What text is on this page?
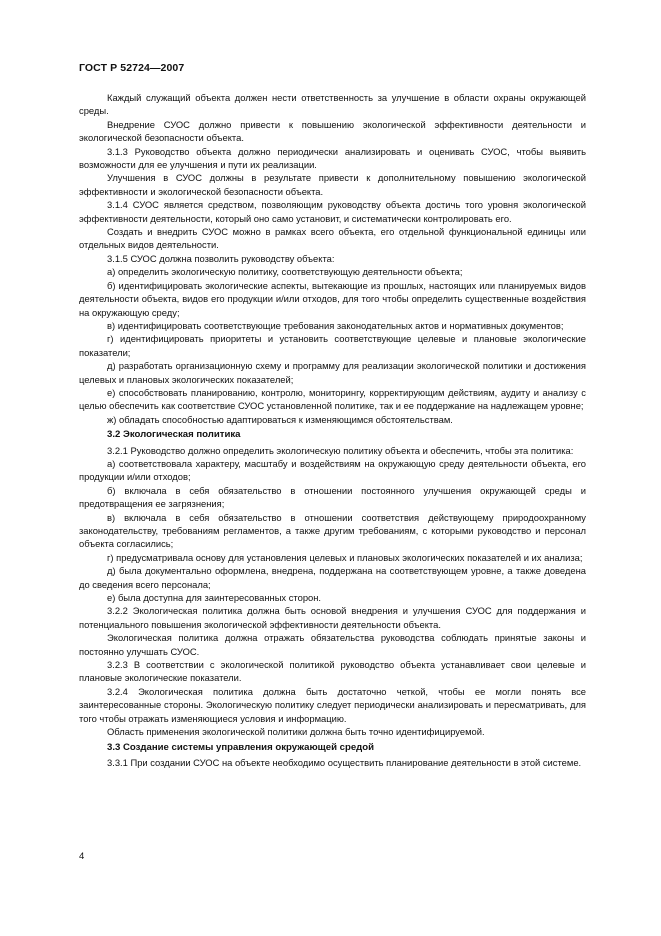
ГОСТ Р 52724—2007

Каждый служащий объекта должен нести ответственность за улучшение в области охраны окружающей среды.

Внедрение СУОС должно привести к повышению экологической эффективности деятельности и экологической безопасности объекта.

3.1.3 Руководство объекта должно периодически анализировать и оценивать СУОС, чтобы выявить возможности для ее улучшения и пути их реализации.

Улучшения в СУОС должны в результате привести к дополнительному повышению экологической эффективности и экологической безопасности объекта.

3.1.4 СУОС является средством, позволяющим руководству объекта достичь того уровня экологической эффективности деятельности, который оно само установит, и систематически контролировать его.

Создать и внедрить СУОС можно в рамках всего объекта, его отдельной функциональной единицы или отдельных видов деятельности.

3.1.5 СУОС должна позволить руководству объекта:

а) определить экологическую политику, соответствующую деятельности объекта;

б) идентифицировать экологические аспекты, вытекающие из прошлых, настоящих или планируемых видов деятельности объекта, видов его продукции и/или отходов, для того чтобы определить существенные воздействия на окружающую среду;

в) идентифицировать соответствующие требования законодательных актов и нормативных документов;

г) идентифицировать приоритеты и установить соответствующие целевые и плановые экологические показатели;

д) разработать организационную схему и программу для реализации экологической политики и достижения целевых и плановых экологических показателей;

е) способствовать планированию, контролю, мониторингу, корректирующим действиям, аудиту и анализу с целью обеспечить как соответствие СУОС установленной политике, так и ее поддержание на надлежащем уровне;

ж) обладать способностью адаптироваться к изменяющимся обстоятельствам.

3.2 Экологическая политика

3.2.1 Руководство должно определить экологическую политику объекта и обеспечить, чтобы эта политика:

а) соответствовала характеру, масштабу и воздействиям на окружающую среду деятельности объекта, его продукции и/или отходов;

б) включала в себя обязательство в отношении постоянного улучшения окружающей среды и предотвращения ее загрязнения;

в) включала в себя обязательство в отношении соответствия действующему природоохранному законодательству, требованиям регламентов, а также другим требованиям, с которыми руководство и персонал объекта согласились;

г) предусматривала основу для установления целевых и плановых экологических показателей и их анализа;

д) была документально оформлена, внедрена, поддержана на соответствующем уровне, а также доведена до сведения всего персонала;

е) была доступна для заинтересованных сторон.

3.2.2 Экологическая политика должна быть основой внедрения и улучшения СУОС для поддержания и потенциального повышения экологической эффективности деятельности объекта.

Экологическая политика должна отражать обязательства руководства соблюдать принятые законы и постоянно улучшать СУОС.

3.2.3 В соответствии с экологической политикой руководство объекта устанавливает свои целевые и плановые экологические показатели.

3.2.4 Экологическая политика должна быть достаточно четкой, чтобы ее могли понять все заинтересованные стороны. Экологическую политику следует периодически анализировать и пересматривать, для того чтобы отражать изменяющиеся условия и информацию.

Область применения экологической политики должна быть точно идентифицируемой.

3.3 Создание системы управления окружающей средой

3.3.1 При создании СУОС на объекте необходимо осуществить планирование деятельности в этой системе.

4
